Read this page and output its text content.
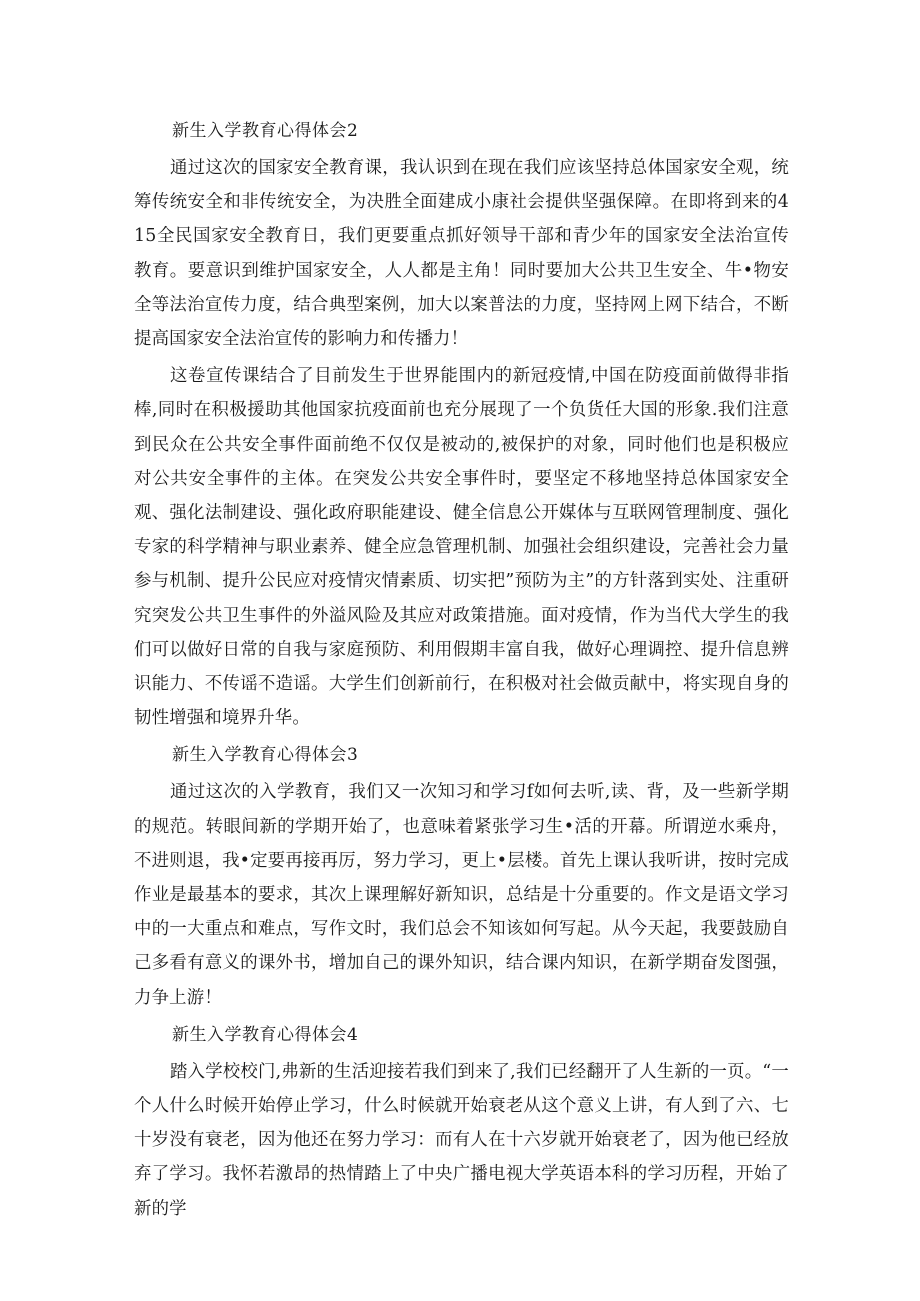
新生入学教育心得体会2

通过这次的国家安全教育课，我认识到在现在我们应该坚持总体国家安全观，统筹传统安全和非传统安全，为决胜全面建成小康社会提供坚强保障。在即将到来的415全民国家安全教育日，我们更要重点抓好领导干部和青少年的国家安全法治宣传教育。要意识到维护国家安全，人人都是主角！同时要加大公共卫生安全、牛•物安全等法治宣传力度，结合典型案例，加大以案普法的力度，坚持网上网下结合，不断提高国家安全法治宣传的影响力和传播力！

这卷宣传课结合了目前发生于世界能围内的新冠疫情,中国在防疫面前做得非指棒,同时在积极援助其他国家抗疫面前也充分展现了一个负货任大国的形象.我们注意到民众在公共安全事件面前绝不仅仅是被动的,被保护的对象，同时他们也是积极应对公共安全事件的主体。在突发公共安全事件时，要坚定不移地坚持总体国家安全观、强化法制建设、强化政府职能建设、健全信息公开媒体与互联网管理制度、强化专家的科学精神与职业素养、健全应急管理机制、加强社会组织建设，完善社会力量参与机制、提升公民应对疫情灾情素质、切实把”预防为主”的方针落到实处、注重研究突发公共卫生事件的外溢风险及其应对政策措施。面对疫情，作为当代大学生的我们可以做好日常的自我与家庭预防、利用假期丰富自我，做好心理调控、提升信息辨识能力、不传谣不造谣。大学生们创新前行，在积极对社会做贡献中，将实现自身的韧性增强和境界升华。

新生入学教育心得体会3

通过这次的入学教育，我们又一次知习和学习f如何去听,读、背，及一些新学期的规范。转眼间新的学期开始了，也意味着紧张学习生•活的开幕。所谓逆水乘舟，不进则退，我•定要再接再厉，努力学习，更上•层楼。首先上课认我听讲，按时完成作业是最基本的要求，其次上课理解好新知识，总结是十分重要的。作文是语文学习中的一大重点和难点，写作文时，我们总会不知该如何写起。从今天起，我要鼓励自己多看有意义的课外书，增加自己的课外知识，结合课内知识，在新学期奋发图强，力争上游！

新生入学教育心得体会4

踏入学校校门,弗新的生活迎接若我们到来了,我们已经翻开了人生新的一页。“一个人什么时候开始停止学习，什么时候就开始衰老从这个意义上讲，有人到了六、七十岁没有衰老，因为他还在努力学习：而有人在十六岁就开始衰老了，因为他已经放弃了学习。我怀若激昂的热情踏上了中央广播电视大学英语本科的学习历程，开始了新的学
